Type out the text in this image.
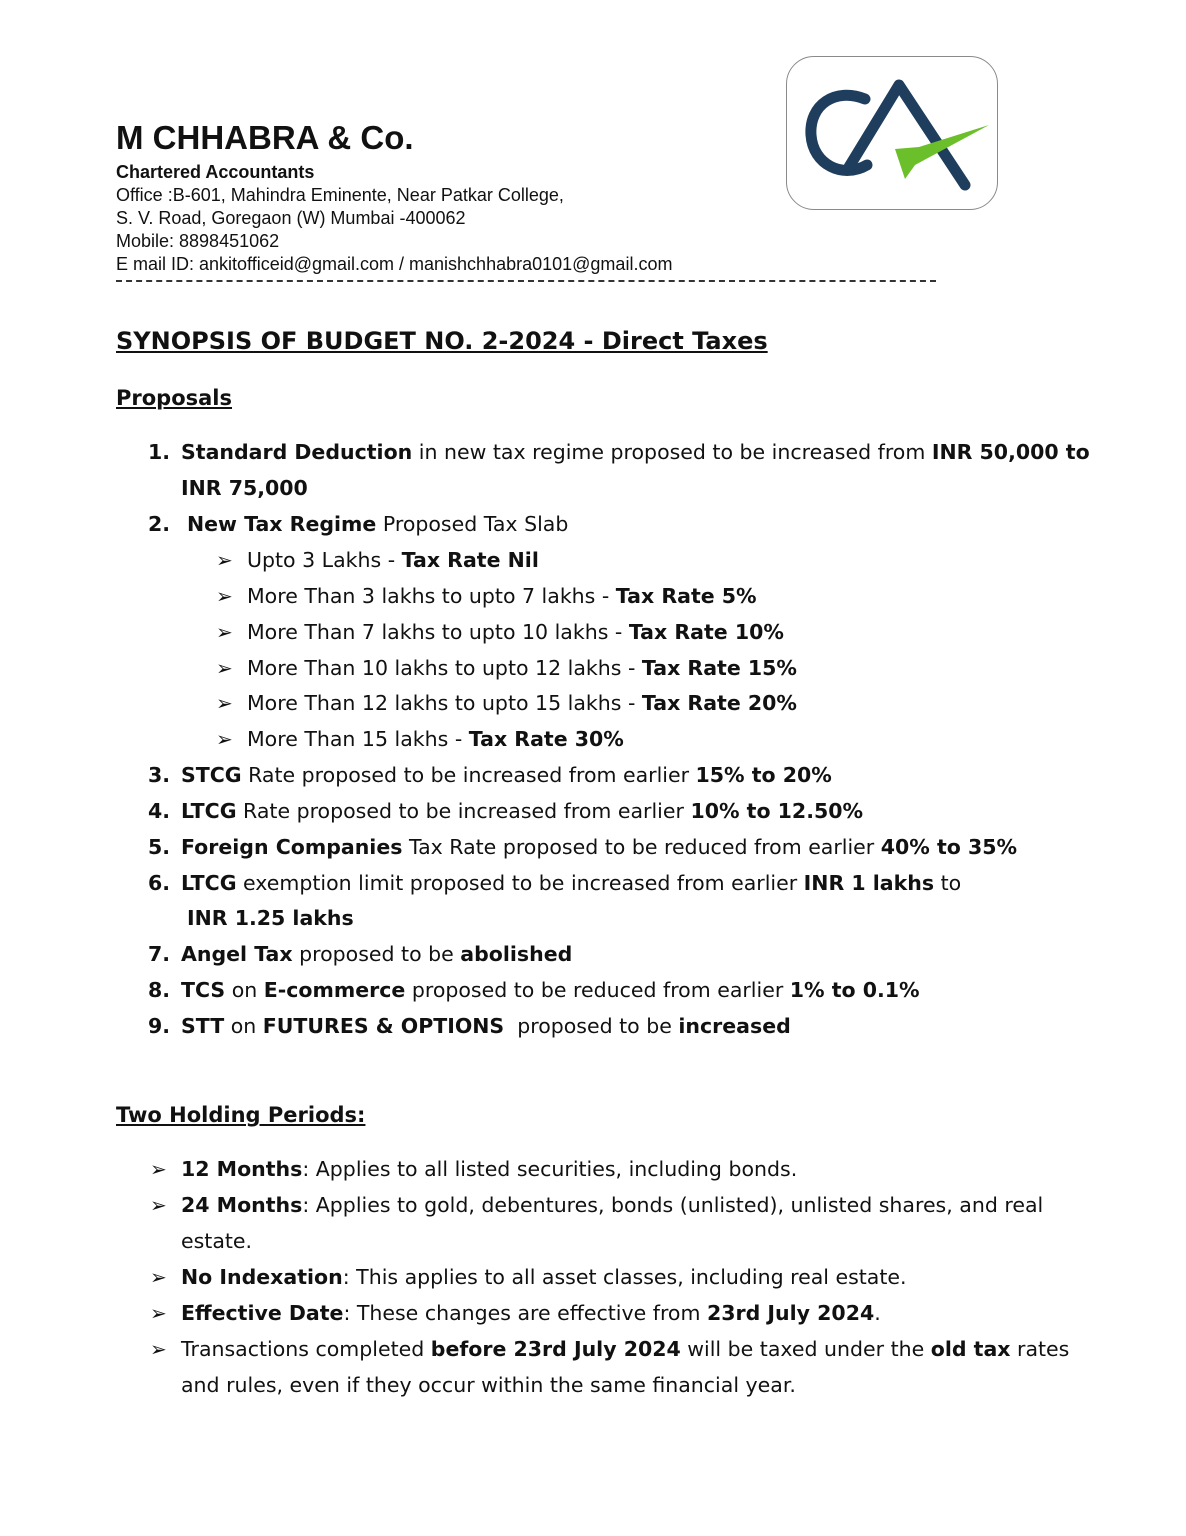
M CHHABRA & Co.
Chartered Accountants
Office :B-601, Mahindra Eminente, Near Patkar College,
S. V. Road, Goregaon (W) Mumbai -400062
Mobile: 8898451062
E mail ID: ankitofficeid@gmail.com / manishchhabra0101@gmail.com
SYNOPSIS OF BUDGET NO. 2-2024 - Direct Taxes
Proposals
1. Standard Deduction in new tax regime proposed to be increased from INR 50,000 to
INR 75,000
2. New Tax Regime Proposed Tax Slab
➢ Upto 3 Lakhs - Tax Rate Nil
➢ More Than 3 lakhs to upto 7 lakhs - Tax Rate 5%
➢ More Than 7 lakhs to upto 10 lakhs - Tax Rate 10%
➢ More Than 10 lakhs to upto 12 lakhs - Tax Rate 15%
➢ More Than 12 lakhs to upto 15 lakhs - Tax Rate 20%
➢ More Than 15 lakhs - Tax Rate 30%
3. STCG Rate proposed to be increased from earlier 15% to 20%
4. LTCG Rate proposed to be increased from earlier 10% to 12.50%
5. Foreign Companies Tax Rate proposed to be reduced from earlier 40% to 35%
6. LTCG exemption limit proposed to be increased from earlier INR 1 lakhs to
INR 1.25 lakhs
7. Angel Tax proposed to be abolished
8. TCS on E-commerce proposed to be reduced from earlier 1% to 0.1%
9. STT on FUTURES & OPTIONS  proposed to be increased
Two Holding Periods:
➢ 12 Months: Applies to all listed securities, including bonds.
➢ 24 Months: Applies to gold, debentures, bonds (unlisted), unlisted shares, and real
estate.
➢ No Indexation: This applies to all asset classes, including real estate.
➢ Effective Date: These changes are effective from 23rd July 2024.
➢ Transactions completed before 23rd July 2024 will be taxed under the old tax rates
and rules, even if they occur within the same financial year.
